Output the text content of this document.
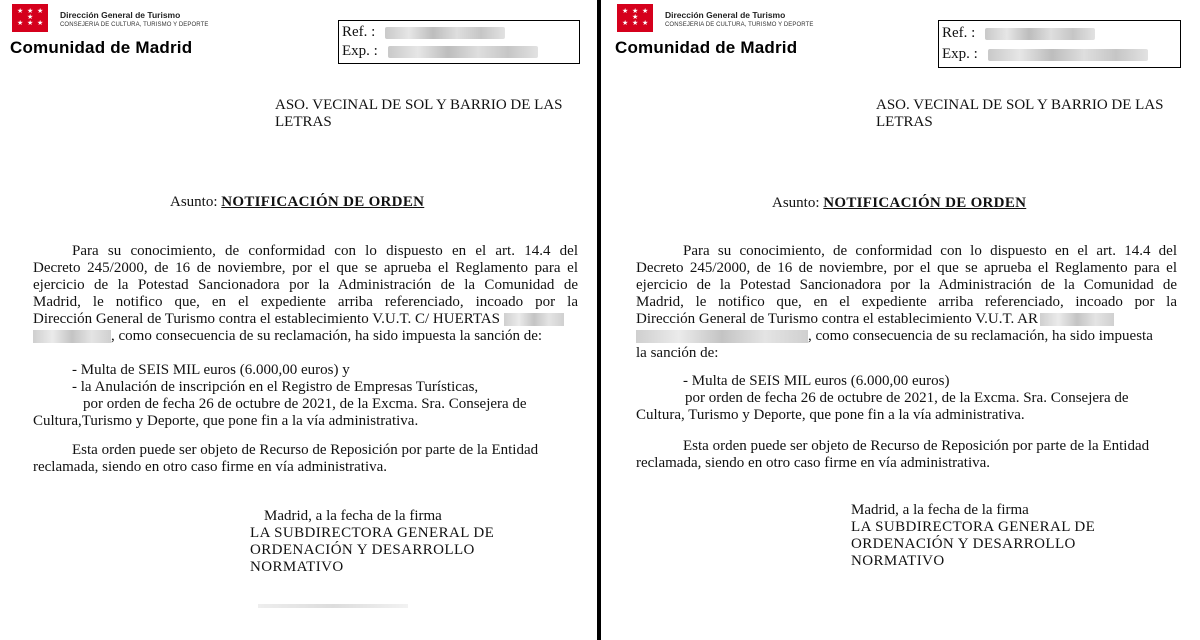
★ ★ ★
★ ★ ★
★	Dirección General de Turismo
CONSEJERIA DE CULTURA, TURISMO Y DEPORTE
Comunidad de Madrid
Ref. :
Exp. :
ASO. VECINAL DE SOL Y BARRIO DE LAS
LETRAS
Asunto: NOTIFICACIÓN DE ORDEN
Para su conocimiento, de conformidad con lo dispuesto en el art. 14.4 del
Decreto 245/2000, de 16 de noviembre, por el que se aprueba el Reglamento para el
ejercicio de la Potestad Sancionadora por la Administración de la Comunidad de
Madrid, le notifico que, en el expediente arriba referenciado, incoado por la
Dirección General de Turismo contra el establecimiento V.U.T. C/ HUERTAS
, como consecuencia de su reclamación, ha sido impuesta la sanción de:
- Multa de SEIS MIL euros (6.000,00 euros) y
- la Anulación de inscripción en el Registro de Empresas Turísticas,
por orden de fecha 26 de octubre de 2021, de la Excma. Sra. Consejera de
Cultura,Turismo y Deporte, que pone fin a la vía administrativa.
Esta orden puede ser objeto de Recurso de Reposición por parte de la Entidad
reclamada, siendo en otro caso firme en vía administrativa.
Madrid, a la fecha de la firma
LA SUBDIRECTORA GENERAL DE
ORDENACIÓN Y DESARROLLO
NORMATIVO
★ ★ ★
★ ★ ★
★	Dirección General de Turismo
CONSEJERIA DE CULTURA, TURISMO Y DEPORTE
Comunidad de Madrid
Ref. :
Exp. :
ASO. VECINAL DE SOL Y BARRIO DE LAS
LETRAS
Asunto: NOTIFICACIÓN DE ORDEN
Para su conocimiento, de conformidad con lo dispuesto en el art. 14.4 del
Decreto 245/2000, de 16 de noviembre, por el que se aprueba el Reglamento para el
ejercicio de la Potestad Sancionadora por la Administración de la Comunidad de
Madrid, le notifico que, en el expediente arriba referenciado, incoado por la
Dirección General de Turismo contra el establecimiento V.U.T. AR
, como consecuencia de su reclamación, ha sido impuesta
la sanción de:
- Multa de SEIS MIL euros (6.000,00 euros)
por orden de fecha 26 de octubre de 2021, de la Excma. Sra. Consejera de
Cultura, Turismo y Deporte, que pone fin a la vía administrativa.
Esta orden puede ser objeto de Recurso de Reposición por parte de la Entidad
reclamada, siendo en otro caso firme en vía administrativa.
Madrid, a la fecha de la firma
LA SUBDIRECTORA GENERAL DE
ORDENACIÓN Y DESARROLLO
NORMATIVO
